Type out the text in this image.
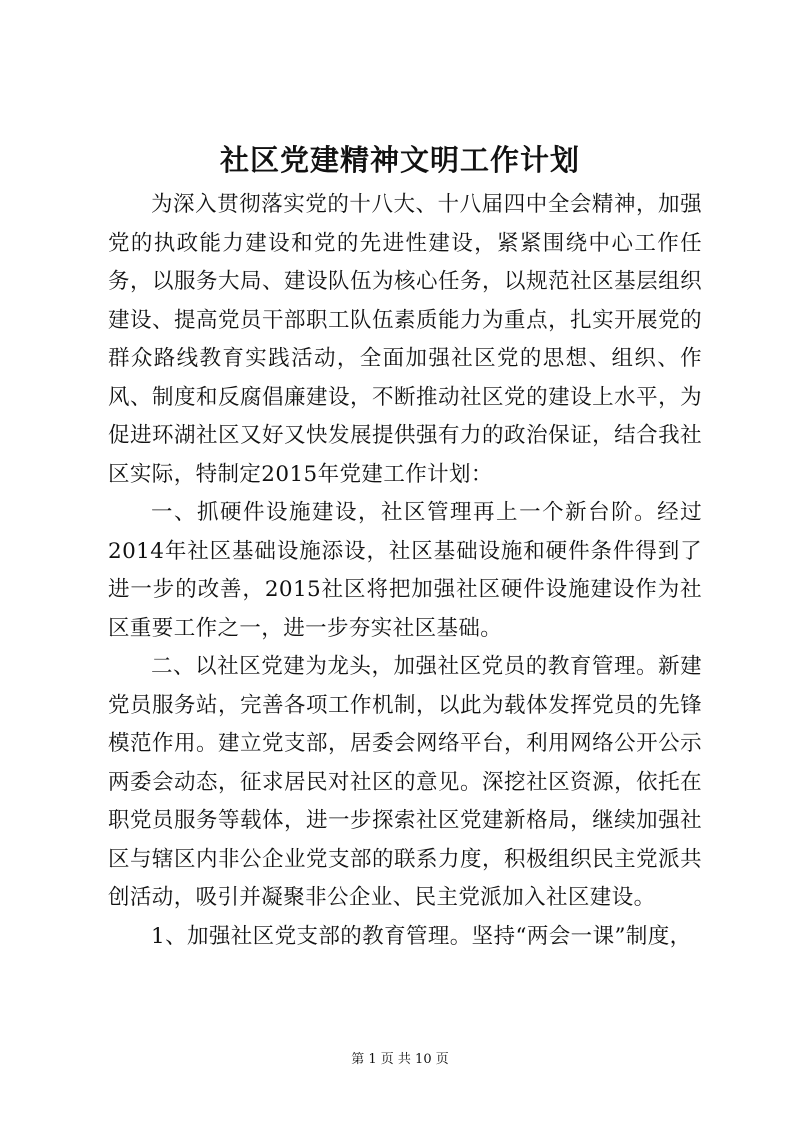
社区党建精神文明工作计划

为深入贯彻落实党的十八大、十八届四中全会精神，加强党的执政能力建设和党的先进性建设，紧紧围绕中心工作任务，以服务大局、建设队伍为核心任务，以规范社区基层组织建设、提高党员干部职工队伍素质能力为重点，扎实开展党的群众路线教育实践活动，全面加强社区党的思想、组织、作风、制度和反腐倡廉建设，不断推动社区党的建设上水平，为促进环湖社区又好又快发展提供强有力的政治保证，结合我社区实际，特制定2015年党建工作计划：

一、抓硬件设施建设，社区管理再上一个新台阶。经过2014年社区基础设施添设，社区基础设施和硬件条件得到了进一步的改善，2015社区将把加强社区硬件设施建设作为社区重要工作之一，进一步夯实社区基础。

二、以社区党建为龙头，加强社区党员的教育管理。新建党员服务站，完善各项工作机制，以此为载体发挥党员的先锋模范作用。建立党支部，居委会网络平台，利用网络公开公示两委会动态，征求居民对社区的意见。深挖社区资源，依托在职党员服务等载体，进一步探索社区党建新格局，继续加强社区与辖区内非公企业党支部的联系力度，积极组织民主党派共创活动，吸引并凝聚非公企业、民主党派加入社区建设。

1、加强社区党支部的教育管理。坚持“两会一课”制度，

第 1 页 共 10 页
